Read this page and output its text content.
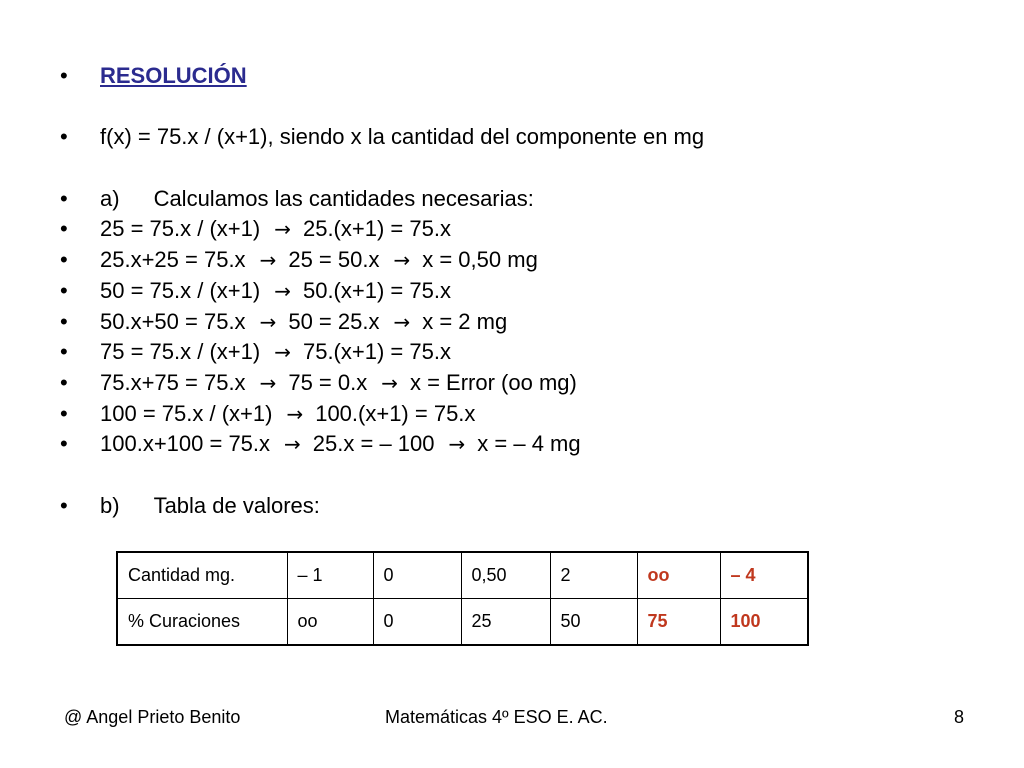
• RESOLUCIÓN
• f(x) = 75.x / (x+1), siendo x la cantidad del componente en mg
• a) Calculamos las cantidades necesarias:
• 25 = 75.x / (x+1) → 25.(x+1) = 75.x
• 25.x+25 = 75.x → 25 = 50.x → x = 0,50 mg
• 50 = 75.x / (x+1) → 50.(x+1) = 75.x
• 50.x+50 = 75.x → 50 = 25.x → x = 2 mg
• 75 = 75.x / (x+1) → 75.(x+1) = 75.x
• 75.x+75 = 75.x → 75 = 0.x → x = Error (oo mg)
• 100 = 75.x / (x+1) → 100.(x+1) = 75.x
• 100.x+100 = 75.x → 25.x = – 100 → x = – 4 mg
• b) Tabla de valores:
Cantidad mg.	– 1	0	0,50	2	oo	– 4
% Curaciones	oo	0	25	50	75	100
@ Angel Prieto Benito	Matemáticas 4º ESO E. AC.	8
